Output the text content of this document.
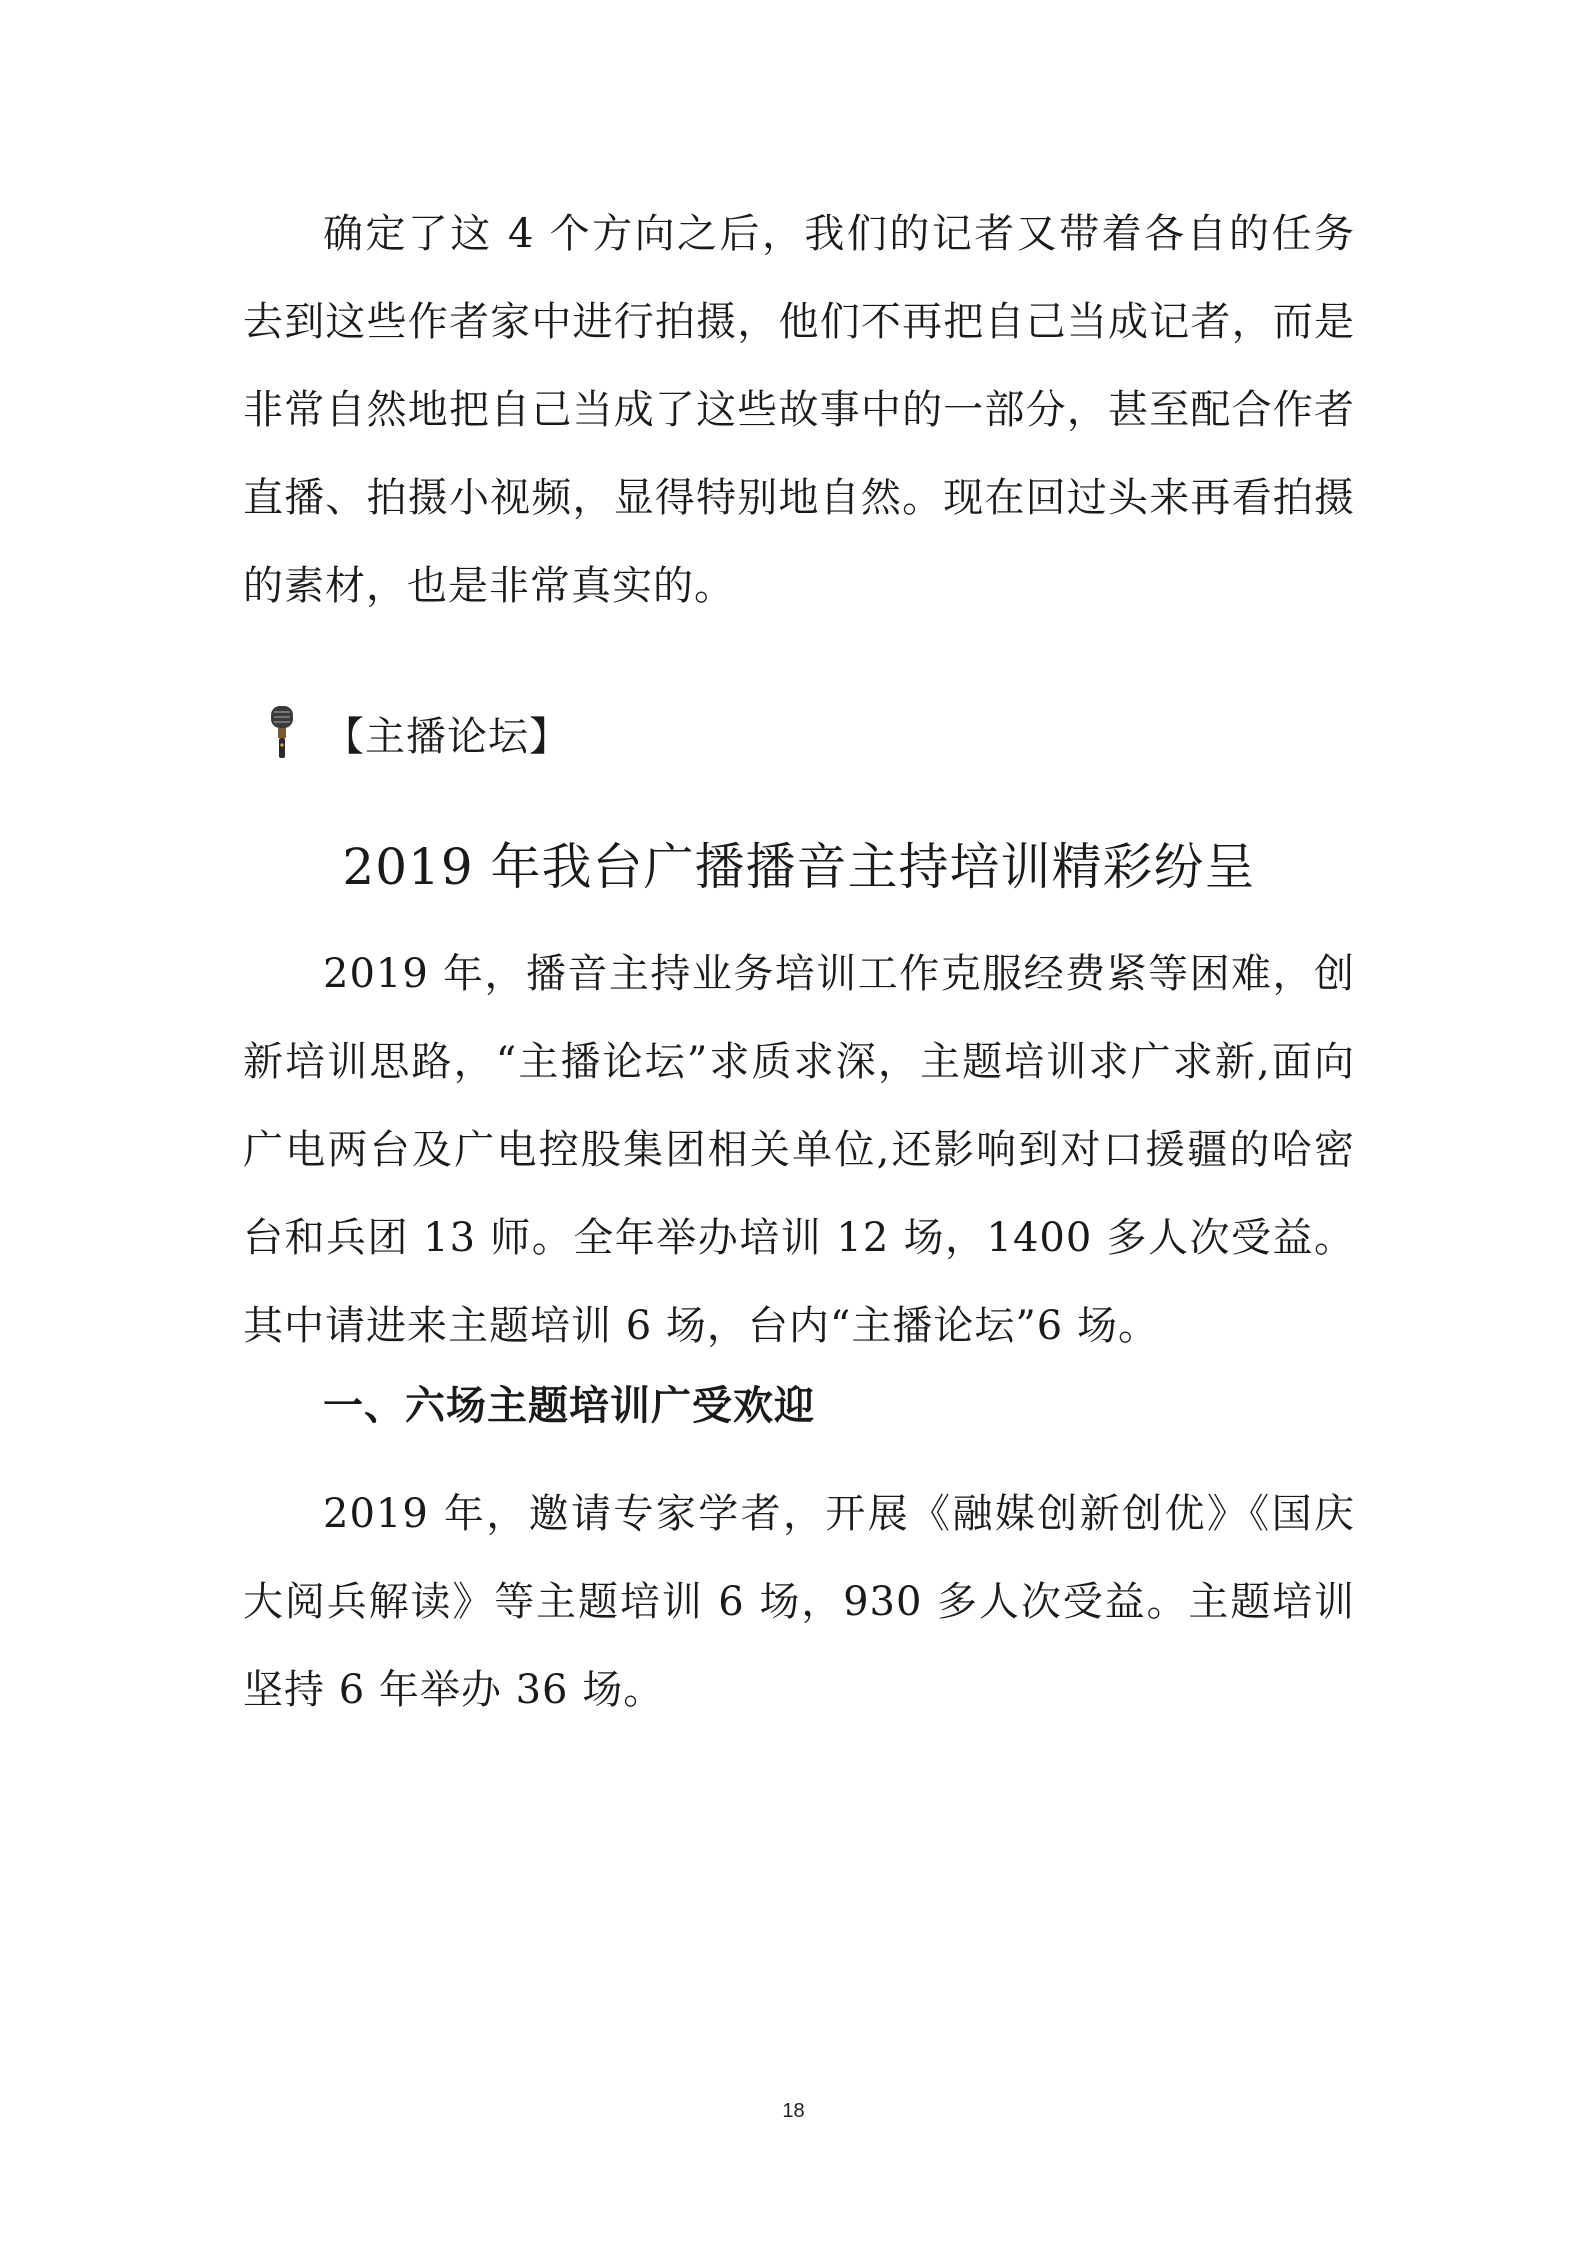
确定了这 4 个方向之后，我们的记者又带着各自的任务去到这些作者家中进行拍摄，他们不再把自己当成记者，而是非常自然地把自己当成了这些故事中的一部分，甚至配合作者直播、拍摄小视频，显得特别地自然。现在回过头来再看拍摄的素材，也是非常真实的。

【主播论坛】
2019 年我台广播播音主持培训精彩纷呈

2019 年，播音主持业务培训工作克服经费紧等困难，创新培训思路，“主播论坛”求质求深，主题培训求广求新,面向广电两台及广电控股集团相关单位,还影响到对口援疆的哈密台和兵团 13 师。全年举办培训 12 场，1400 多人次受益。其中请进来主题培训 6 场，台内“主播论坛”6 场。

一、六场主题培训广受欢迎

2019 年，邀请专家学者，开展《融媒创新创优》《国庆大阅兵解读》等主题培训 6 场，930 多人次受益。主题培训坚持 6 年举办 36 场。

18
